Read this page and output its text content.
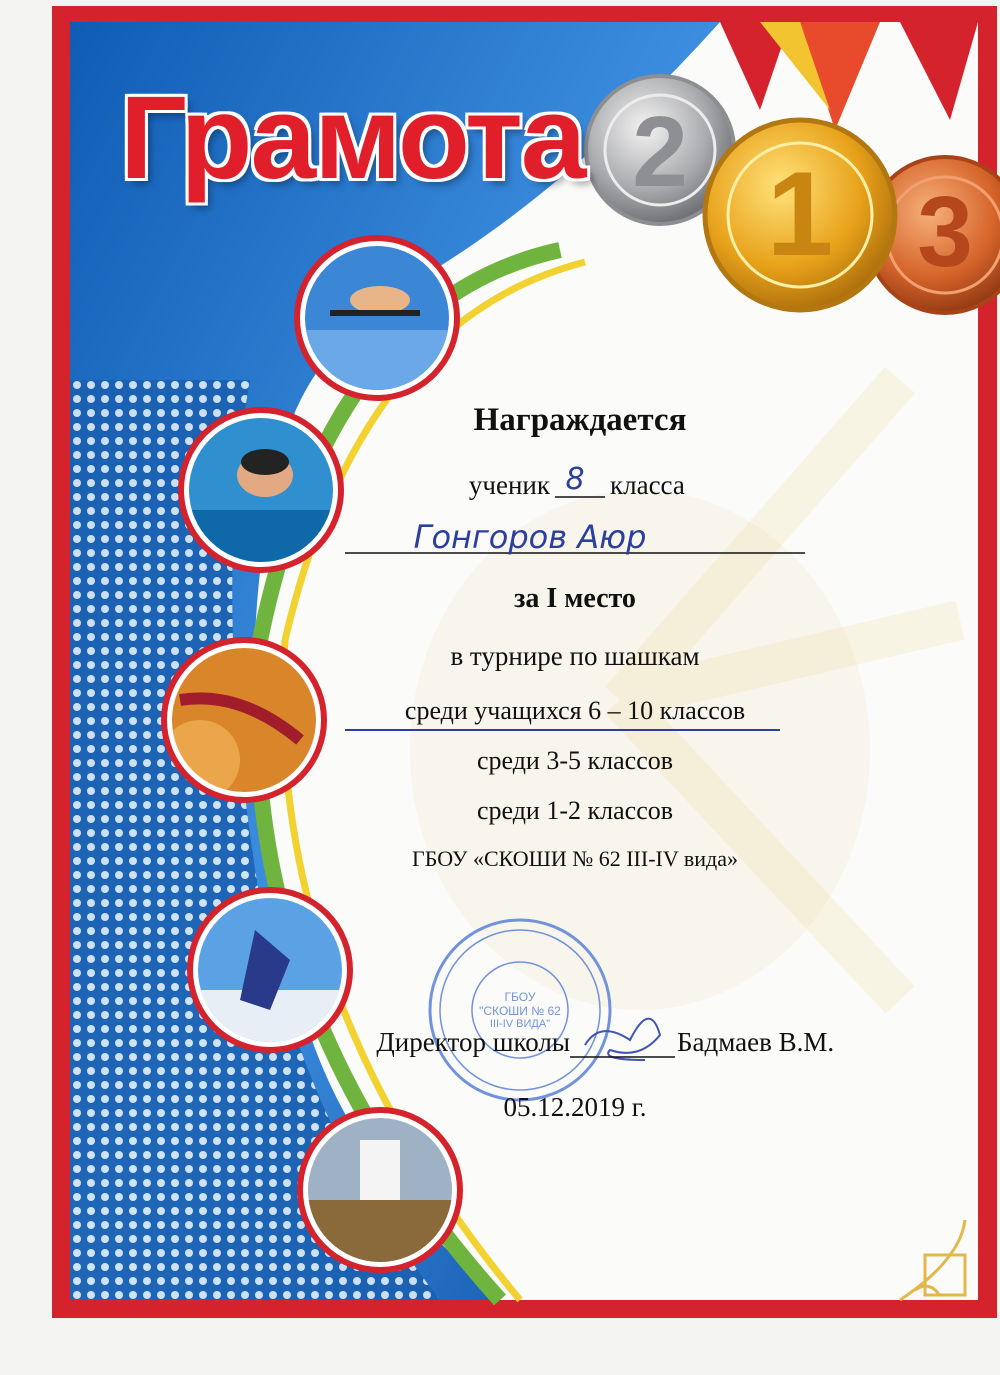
Грамота 2 1 3
Награждается
ученик 8 класса
Гонгоров Аюр
за I место
в турнире по шашкам
среди учащихся 6 – 10 классов
среди 3-5 классов
среди 1-2 классов
ГБОУ «СКОШИ № 62 III-IV вида»
ГБОУ
"СКОШИ № 62
III-IV ВИДА"
Директор школы	Бадмаев В.М.
05.12.2019 г.
